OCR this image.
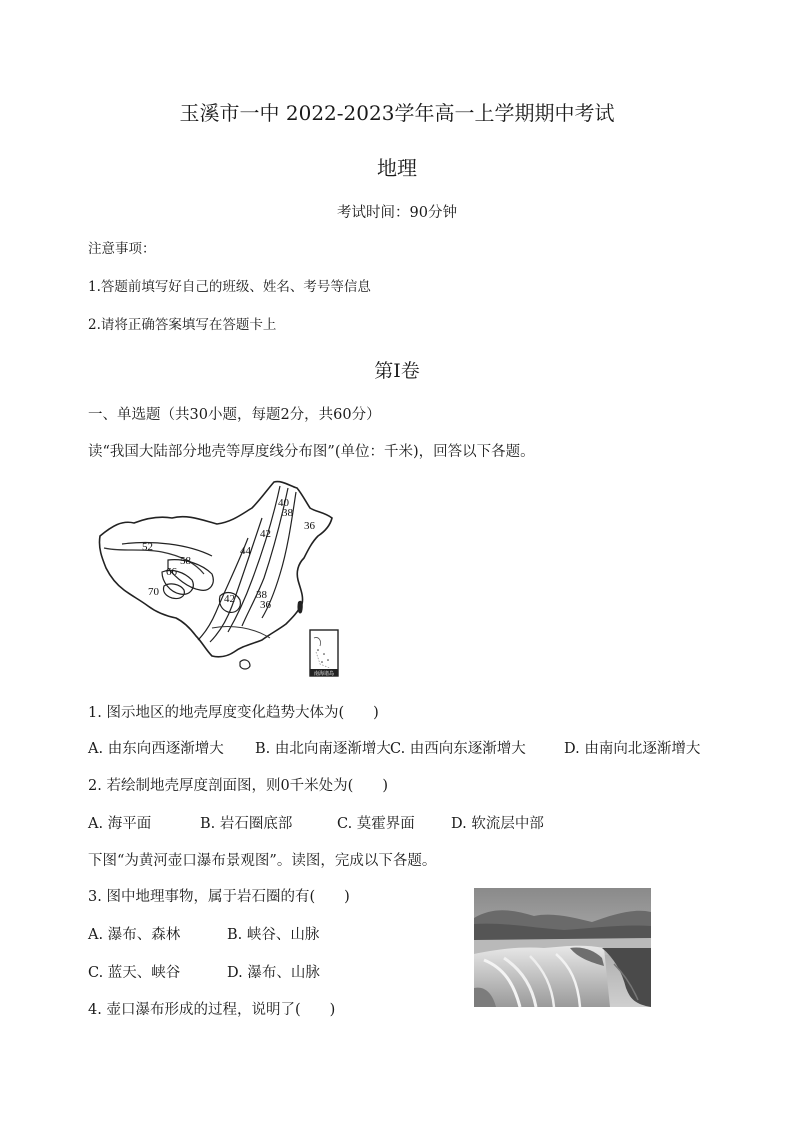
玉溪市一中 2022-2023学年高一上学期期中考试
地理
考试时间：90分钟
注意事项：
1.答题前填写好自己的班级、姓名、考号等信息
2.请将正确答案填写在答题卡上
第Ⅰ卷
一、单选题（共30小题，每题2分，共60分）
读“我国大陆部分地壳等厚度线分布图”(单位：千米)，回答以下各题。
40
38
36
42
44
52
58
66
70
42 38
36
南海诸岛
1. 图示地区的地壳厚度变化趋势大体为(　　)
A. 由东向西逐渐增大 B. 由北向南逐渐增大 C. 由西向东逐渐增大	D. 由南向北逐渐增大
2. 若绘制地壳厚度剖面图，则0千米处为(　　)
A. 海平面	B. 岩石圈底部	C. 莫霍界面 D. 软流层中部
下图“为黄河壶口瀑布景观图”。读图，完成以下各题。
3. 图中地理事物，属于岩石圈的有(　　)
A. 瀑布、森林	B. 峡谷、山脉
C. 蓝天、峡谷	D. 瀑布、山脉
4. 壶口瀑布形成的过程，说明了(　　)
